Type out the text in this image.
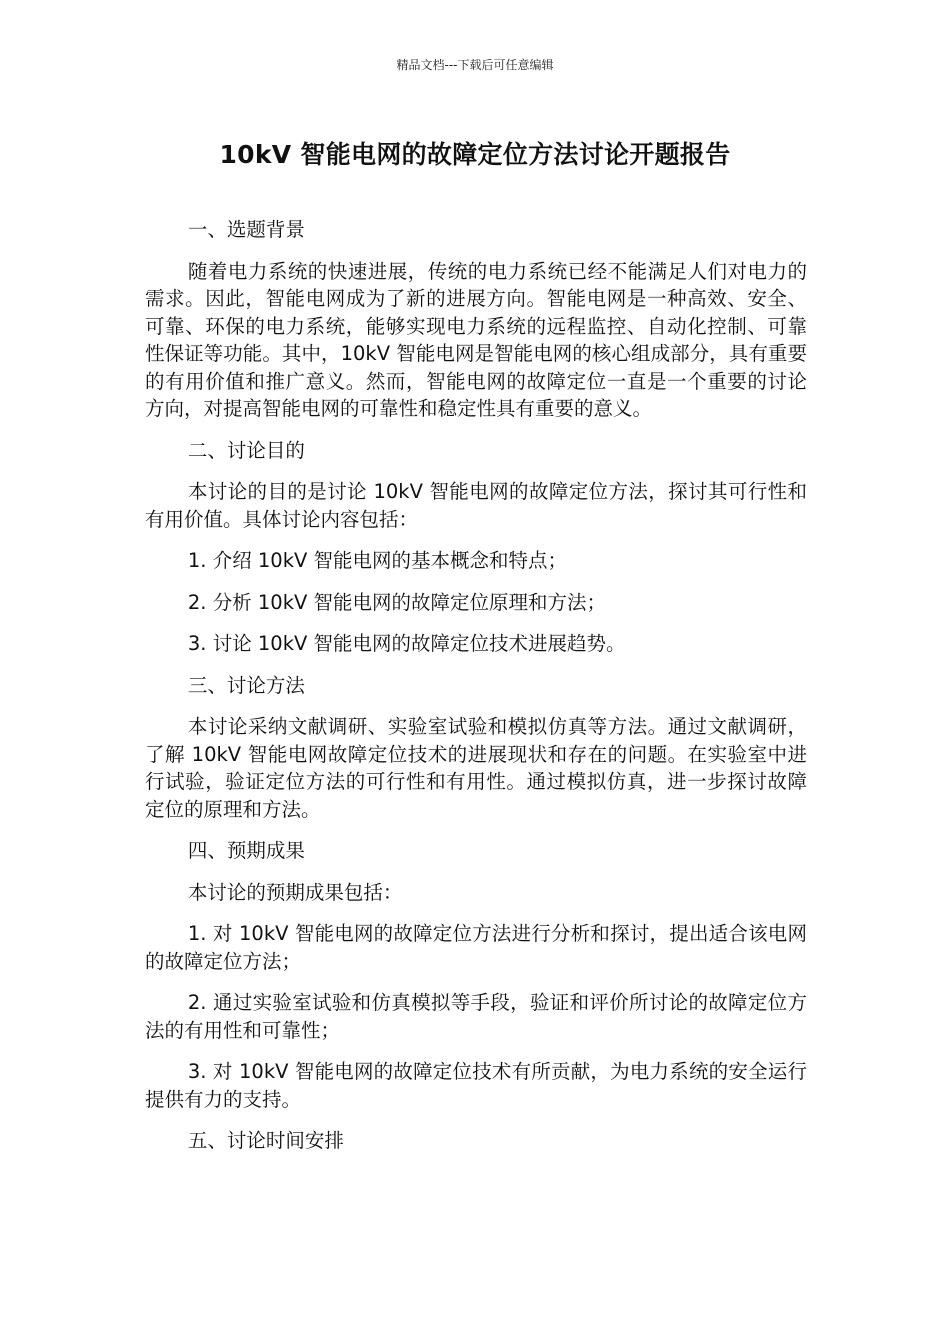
精品文档---下载后可任意编辑
10kV 智能电网的故障定位方法讨论开题报告

一、选题背景

随着电力系统的快速进展，传统的电力系统已经不能满足人们对电力的需求。因此，智能电网成为了新的进展方向。智能电网是一种高效、安全、可靠、环保的电力系统，能够实现电力系统的远程监控、自动化控制、可靠性保证等功能。其中，10kV 智能电网是智能电网的核心组成部分，具有重要的有用价值和推广意义。然而，智能电网的故障定位一直是一个重要的讨论方向，对提高智能电网的可靠性和稳定性具有重要的意义。

二、讨论目的

本讨论的目的是讨论 10kV 智能电网的故障定位方法，探讨其可行性和有用价值。具体讨论内容包括：

1. 介绍 10kV 智能电网的基本概念和特点；

2. 分析 10kV 智能电网的故障定位原理和方法；

3. 讨论 10kV 智能电网的故障定位技术进展趋势。

三、讨论方法

本讨论采纳文献调研、实验室试验和模拟仿真等方法。通过文献调研，了解 10kV 智能电网故障定位技术的进展现状和存在的问题。在实验室中进行试验，验证定位方法的可行性和有用性。通过模拟仿真，进一步探讨故障定位的原理和方法。

四、预期成果

本讨论的预期成果包括：

1. 对 10kV 智能电网的故障定位方法进行分析和探讨，提出适合该电网的故障定位方法；

2. 通过实验室试验和仿真模拟等手段，验证和评价所讨论的故障定位方法的有用性和可靠性；

3. 对 10kV 智能电网的故障定位技术有所贡献，为电力系统的安全运行提供有力的支持。

五、讨论时间安排
